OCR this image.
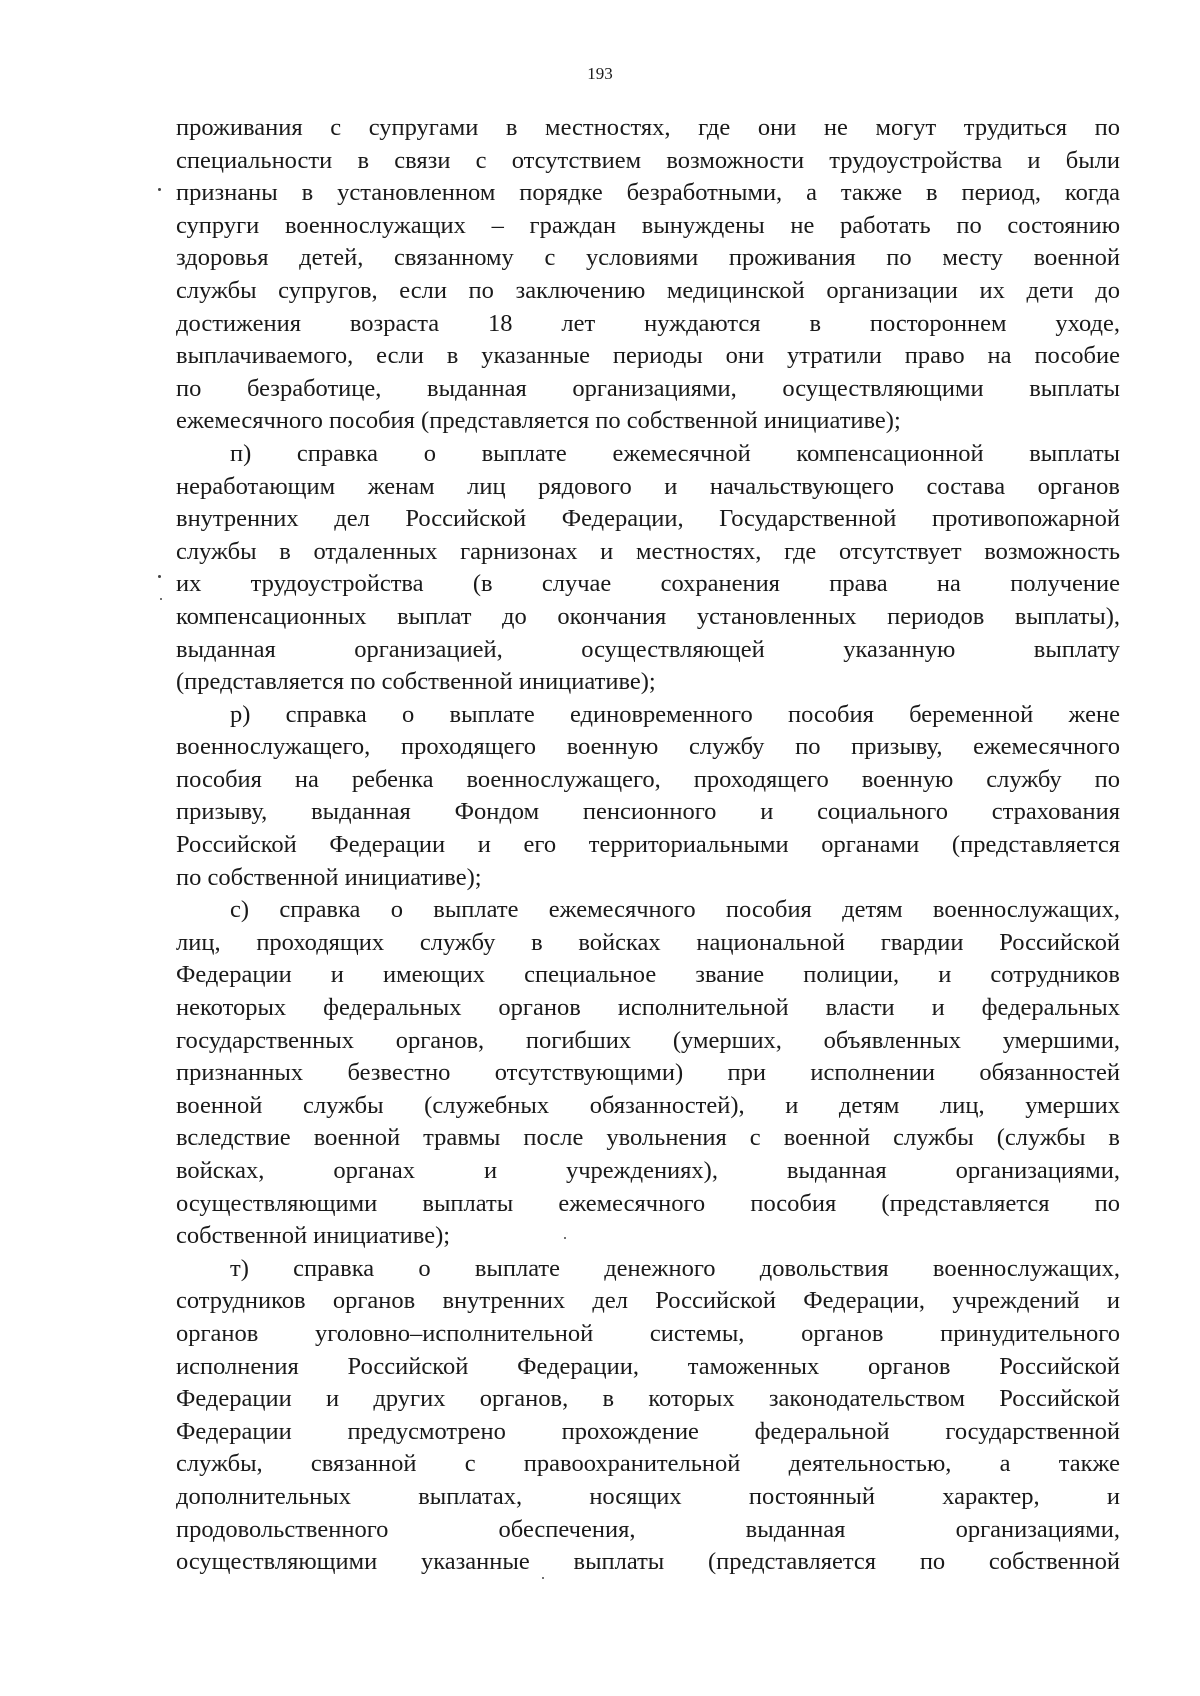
193
проживания с супругами в местностях, где они не могут трудиться по
специальности в связи с отсутствием возможности трудоустройства и были
признаны в установленном порядке безработными, а также в период, когда
супруги военнослужащих – граждан вынуждены не работать по состоянию
здоровья детей, связанному с условиями проживания по месту военной
службы супругов, если по заключению медицинской организации их дети до
достижения возраста 18 лет нуждаются в постороннем уходе,
выплачиваемого, если в указанные периоды они утратили право на пособие
по безработице, выданная организациями, осуществляющими выплаты
ежемесячного пособия (представляется по собственной инициативе);
п) справка о выплате ежемесячной компенсационной выплаты
неработающим женам лиц рядового и начальствующего состава органов
внутренних дел Российской Федерации, Государственной противопожарной
службы в отдаленных гарнизонах и местностях, где отсутствует возможность
их трудоустройства (в случае сохранения права на получение
компенсационных выплат до окончания установленных периодов выплаты),
выданная организацией, осуществляющей указанную выплату
(представляется по собственной инициативе);
р) справка о выплате единовременного пособия беременной жене
военнослужащего, проходящего военную службу по призыву, ежемесячного
пособия на ребенка военнослужащего, проходящего военную службу по
призыву, выданная Фондом пенсионного и социального страхования
Российской Федерации и его территориальными органами (представляется
по собственной инициативе);
с) справка о выплате ежемесячного пособия детям военнослужащих,
лиц, проходящих службу в войсках национальной гвардии Российской
Федерации и имеющих специальное звание полиции, и сотрудников
некоторых федеральных органов исполнительной власти и федеральных
государственных органов, погибших (умерших, объявленных умершими,
признанных безвестно отсутствующими) при исполнении обязанностей
военной службы (служебных обязанностей), и детям лиц, умерших
вследствие военной травмы после увольнения с военной службы (службы в
войсках, органах и учреждениях), выданная организациями,
осуществляющими выплаты ежемесячного пособия (представляется по
собственной инициативе);
т) справка о выплате денежного довольствия военнослужащих,
сотрудников органов внутренних дел Российской Федерации, учреждений и
органов уголовно–исполнительной системы, органов принудительного
исполнения Российской Федерации, таможенных органов Российской
Федерации и других органов, в которых законодательством Российской
Федерации предусмотрено прохождение федеральной государственной
службы, связанной с правоохранительной деятельностью, а также
дополнительных выплатах, носящих постоянный характер, и
продовольственного обеспечения, выданная организациями,
осуществляющими указанные выплаты (представляется по собственной
